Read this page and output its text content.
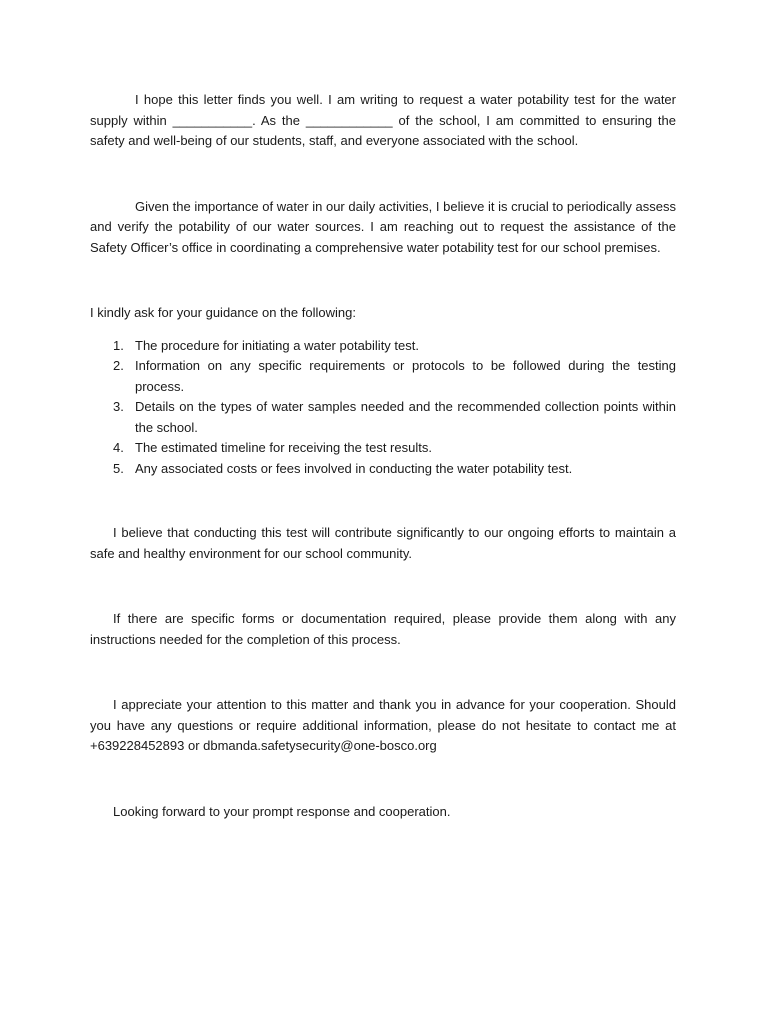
I hope this letter finds you well. I am writing to request a water potability test for the water supply within ___________. As the ____________ of the school, I am committed to ensuring the safety and well-being of our students, staff, and everyone associated with the school.

Given the importance of water in our daily activities, I believe it is crucial to periodically assess and verify the potability of our water sources. I am reaching out to request the assistance of the Safety Officer’s office in coordinating a comprehensive water potability test for our school premises.

I kindly ask for your guidance on the following:

1. The procedure for initiating a water potability test.
2. Information on any specific requirements or protocols to be followed during the testing process.
3. Details on the types of water samples needed and the recommended collection points within the school.
4. The estimated timeline for receiving the test results.
5. Any associated costs or fees involved in conducting the water potability test.

I believe that conducting this test will contribute significantly to our ongoing efforts to maintain a safe and healthy environment for our school community.

If there are specific forms or documentation required, please provide them along with any instructions needed for the completion of this process.

I appreciate your attention to this matter and thank you in advance for your cooperation. Should you have any questions or require additional information, please do not hesitate to contact me at +639228452893 or dbmanda.safetysecurity@one-bosco.org

Looking forward to your prompt response and cooperation.
